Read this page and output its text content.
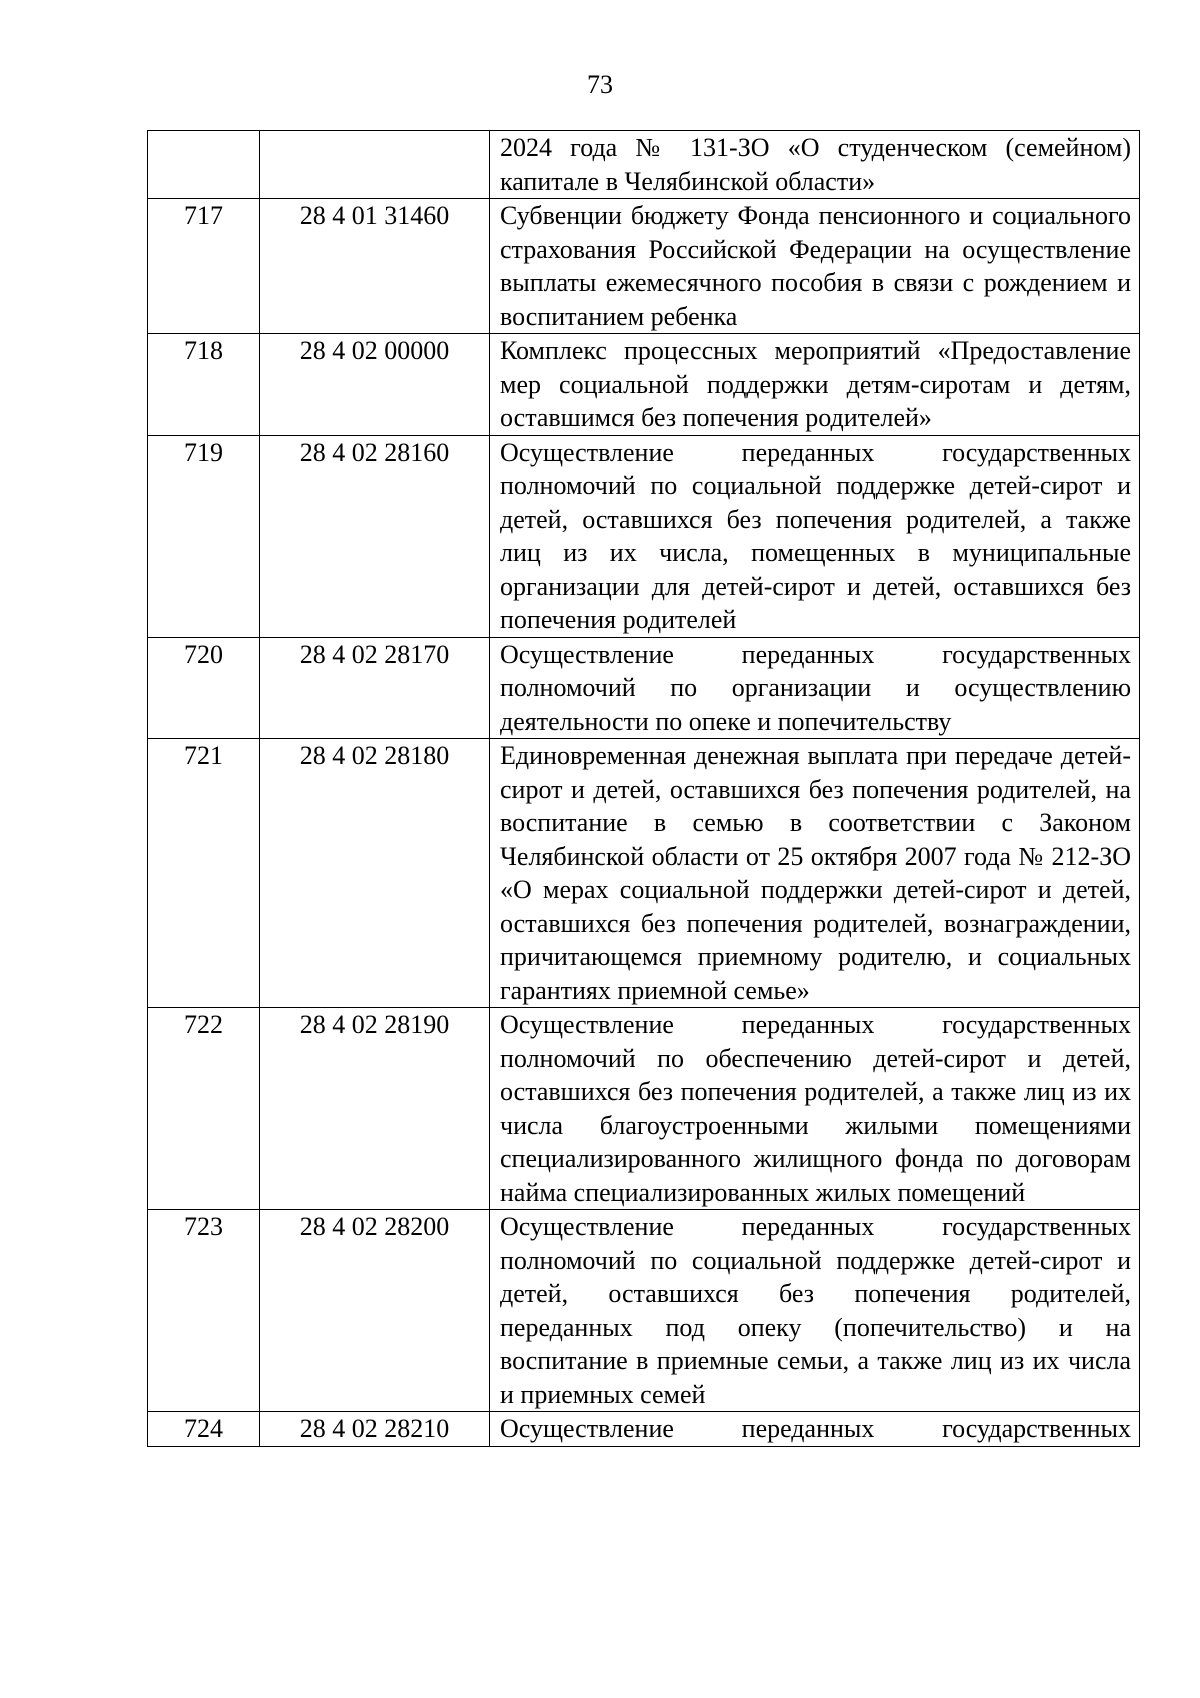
73
		2024 года № 131-ЗО «О студенческом (семейном) капитале в Челябинской области»
717	28 4 01 31460	Субвенции бюджету Фонда пенсионного и социального страхования Российской Федерации на осуществление выплаты ежемесячного пособия в связи с рождением и воспитанием ребенка
718	28 4 02 00000	Комплекс процессных мероприятий «Предоставление мер социальной поддержки детям-сиротам и детям, оставшимся без попечения родителей»
719	28 4 02 28160	Осуществление переданных государственных полномочий по социальной поддержке детей-сирот и детей, оставшихся без попечения родителей, а также лиц из их числа, помещенных в муниципальные организации для детей-сирот и детей, оставшихся без попечения родителей
720	28 4 02 28170	Осуществление переданных государственных полномочий по организации и осуществлению деятельности по опеке и попечительству
721	28 4 02 28180	Единовременная денежная выплата при передаче детей-сирот и детей, оставшихся без попечения родителей, на воспитание в семью в соответствии с Законом Челябинской области от 25 октября 2007 года № 212-ЗО «О мерах социальной поддержки детей-сирот и детей, оставшихся без попечения родителей, вознаграждении, причитающемся приемному родителю, и социальных гарантиях приемной семье»
722	28 4 02 28190	Осуществление переданных государственных полномочий по обеспечению детей-сирот и детей, оставшихся без попечения родителей, а также лиц из их числа благоустроенными жилыми помещениями специализированного жилищного фонда по договорам найма специализированных жилых помещений
723	28 4 02 28200	Осуществление переданных государственных полномочий по социальной поддержке детей-сирот и детей, оставшихся без попечения родителей, переданных под опеку (попечительство) и на воспитание в приемные семьи, а также лиц из их числа и приемных семей
724	28 4 02 28210	Осуществление переданных государственных
